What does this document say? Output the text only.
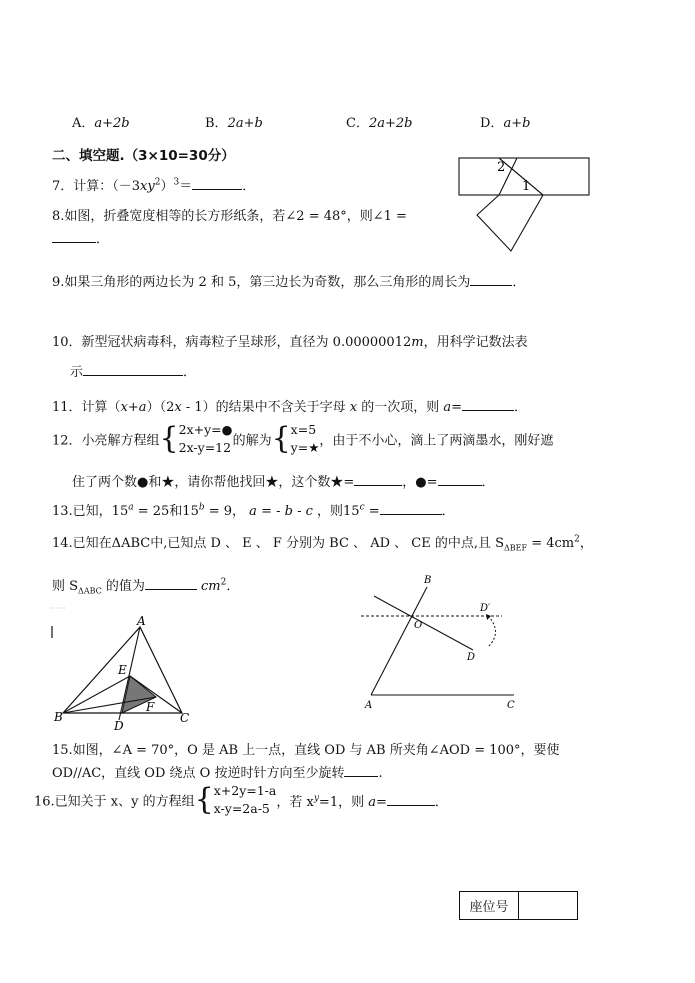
A．a+2b	B．2a+b	C．2a+2b	D．a+b
二、填空题.（3×10=30分）
2
1
7．计算：$(-3xy^2)^3=$	．
8.如图，折叠宽度相等的长方形纸条，若∠2 = 48°，则∠1 =
．
9.如果三角形的两边长为 2 和 5，第三边长为奇数，那么三角形的周长为	．
10．新型冠状病毒科，病毒粒子呈球形，直径为 0.00000012m，用科学记数法表
示	．
11．计算（x+a）（2x - 1）的结果中不含关于字母 x 的一次项，则 a=	．
12．小亮解方程组{2x+y=●
2x-y=12的解为{x=5
y=★，由于不小心，滴上了两滴墨水，刚好遮
住了两个数●和★，请你帮他找回★，这个数★=	，●=	．
13.已知，$15^a = 25$和$15^b = 9$， a = - b - c ，则$15^c$ =	．
14.已知在ΔABC中,已知点 D 、 E 、 F 分别为 BC 、 AD 、 CE 的中点,且 $S_{\Delta BEF} = 4cm^2$，
则 $S_{\Delta ABC}$ 的值为	$cm^2$．
A
B	C
D
E
F
B
O
D′
D
A	C
15.如图，∠A = 70°，O 是 AB 上一点，直线 OD 与 AB 所夹角∠AOD = 100°，要使
OD//AC，直线 OD 绕点 O 按逆时针方向至少旋转	.
16.已知关于 x、y 的方程组{x+2y=1-a
x-y=2a-5 ，若 $x^y=1$，则 a=	．
座位号
